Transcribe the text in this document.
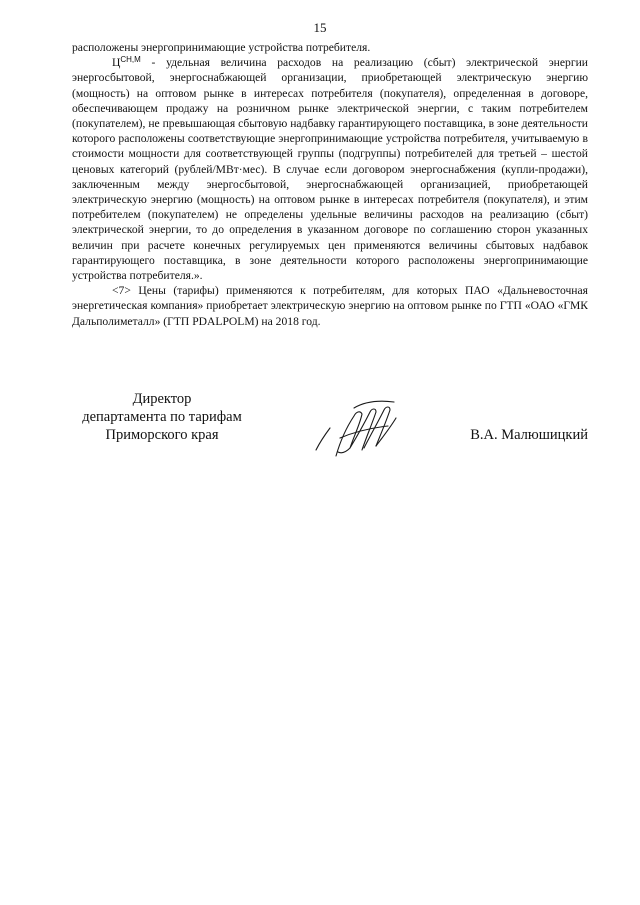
15

расположены энергопринимающие устройства потребителя.

$Ц^{СН,М}$ - удельная величина расходов на реализацию (сбыт) электрической энергии энергосбытовой, энергоснабжающей организации, приобретающей электрическую энергию (мощность) на оптовом рынке в интересах потребителя (покупателя), определенная в договоре, обеспечивающем продажу на розничном рынке электрической энергии, с таким потребителем (покупателем), не превышающая сбытовую надбавку гарантирующего поставщика, в зоне деятельности которого расположены соответствующие энергопринимающие устройства потребителя, учитываемую в стоимости мощности для соответствующей группы (подгруппы) потребителей для третьей – шестой ценовых категорий (рублей/МВт·мес). В случае если договором энергоснабжения (купли-продажи), заключенным между энергосбытовой, энергоснабжающей организацией, приобретающей электрическую энергию (мощность) на оптовом рынке в интересах потребителя (покупателя), и этим потребителем (покупателем) не определены удельные величины расходов на реализацию (сбыт) электрической энергии, то до определения в указанном договоре по соглашению сторон указанных величин при расчете конечных регулируемых цен применяются величины сбытовых надбавок гарантирующего поставщика, в зоне деятельности которого расположены энергопринимающие устройства потребителя.».

<7> Цены (тарифы) применяются к потребителям, для которых ПАО «Дальневосточная энергетическая компания» приобретает электрическую энергию на оптовом рынке по ГТП «ОАО «ГМК Дальполиметалл» (ГТП PDALPOLM) на 2018 год.

Директор
департамента по тарифам
Приморского края	В.А. Малюшицкий
